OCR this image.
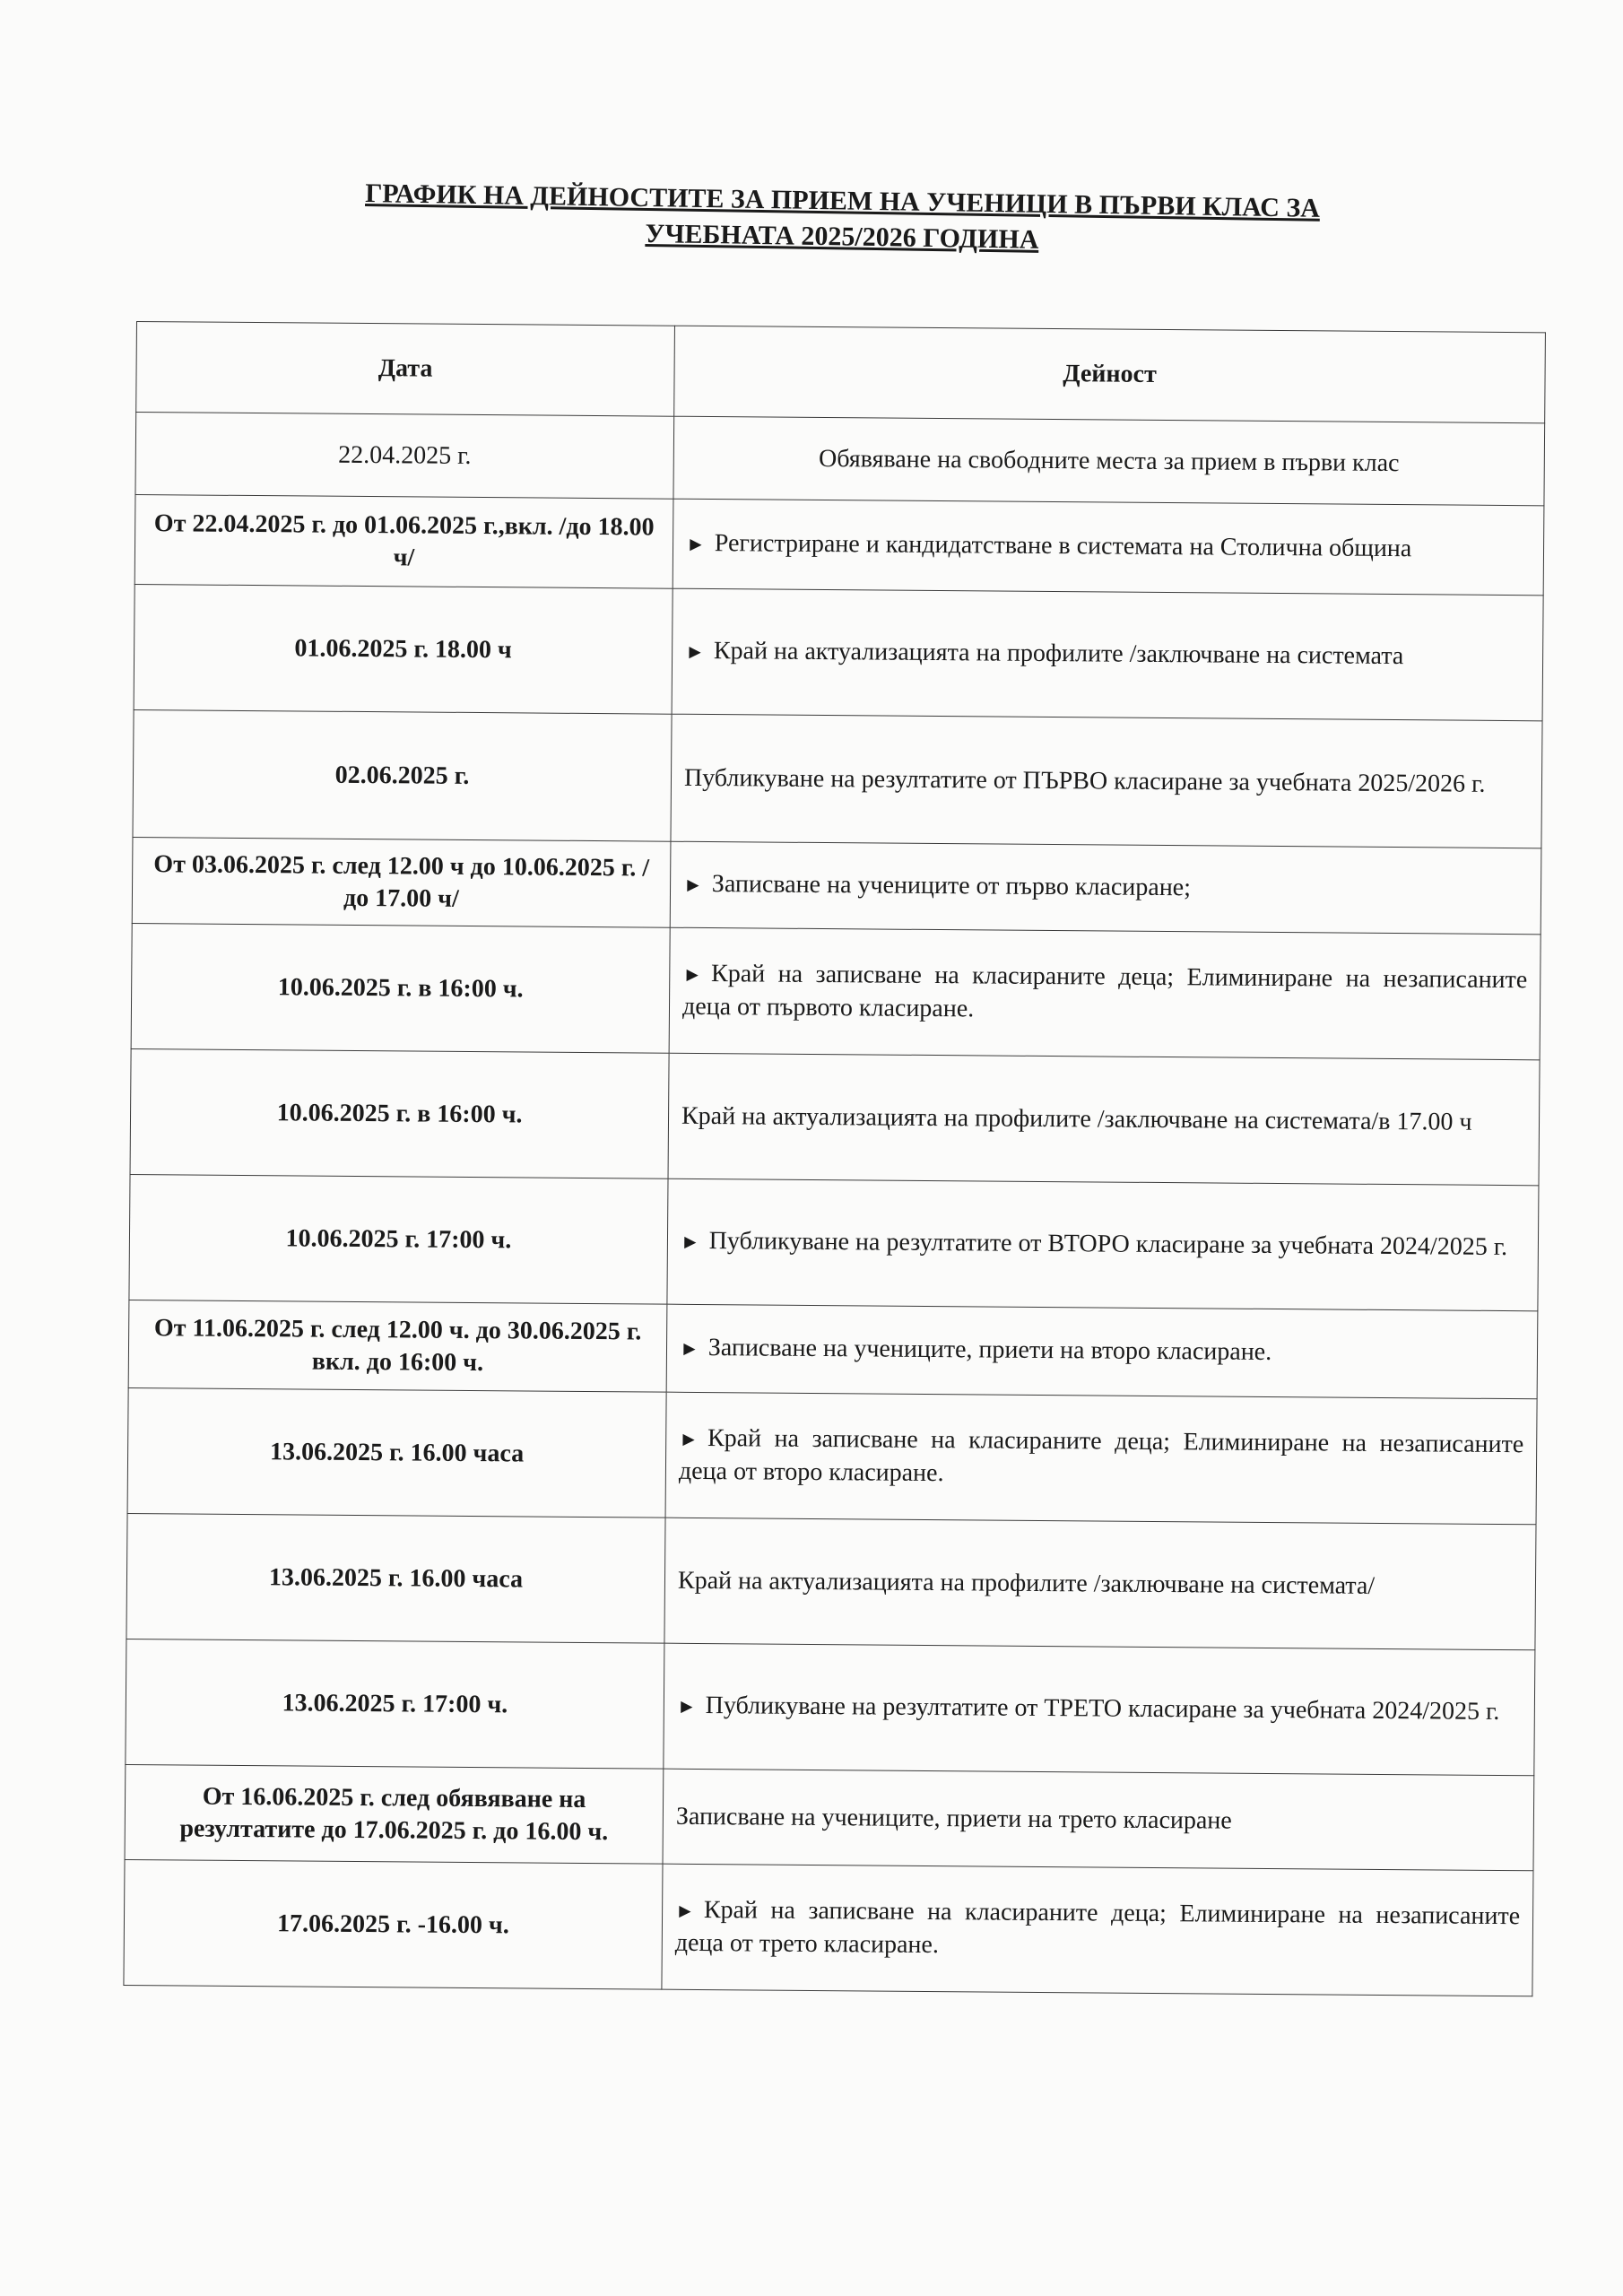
ГРАФИК НА ДЕЙНОСТИТЕ ЗА ПРИЕМ НА УЧЕНИЦИ В ПЪРВИ КЛАС ЗА
УЧЕБНАТА 2025/2026 ГОДИНА
Дата	Дейност
22.04.2025 г.	Обявяване на свободните места за прием в първи клас
От 22.04.2025 г. до 01.06.2025 г.,вкл. /до 18.00 ч/	► Регистриране и кандидатстване в системата на Столична община
01.06.2025 г. 18.00 ч	► Край на актуализацията на профилите /заключване на системата
02.06.2025 г.	Публикуване на резултатите от ПЪРВО класиране за учебната 2025/2026 г.
От 03.06.2025 г. след 12.00 ч до 10.06.2025 г. /до 17.00 ч/	► Записване на учениците от първо класиране;
10.06.2025 г. в 16:00 ч.	► Край на записване на класираните деца; Елиминиране на незаписаните деца от първото класиране.
10.06.2025 г. в 16:00 ч.	Край на актуализацията на профилите /заключване на системата/в 17.00 ч
10.06.2025 г. 17:00 ч.	► Публикуване на резултатите от ВТОРО класиране за учебната 2024/2025 г.
От 11.06.2025 г. след 12.00 ч. до 30.06.2025 г. вкл. до 16:00 ч.	► Записване на учениците, приети на второ класиране.
13.06.2025 г. 16.00 часа	► Край на записване на класираните деца; Елиминиране на незаписаните деца от второ класиране.
13.06.2025 г. 16.00 часа	Край на актуализацията на профилите /заключване на системата/
13.06.2025 г. 17:00 ч.	► Публикуване на резултатите от ТРЕТО класиране за учебната 2024/2025 г.
От 16.06.2025 г. след обявяване на резултатите до 17.06.2025 г. до 16.00 ч.	Записване на учениците, приети на трето класиране
17.06.2025 г. -16.00 ч.	► Край на записване на класираните деца; Елиминиране на незаписаните деца от трето класиране.
